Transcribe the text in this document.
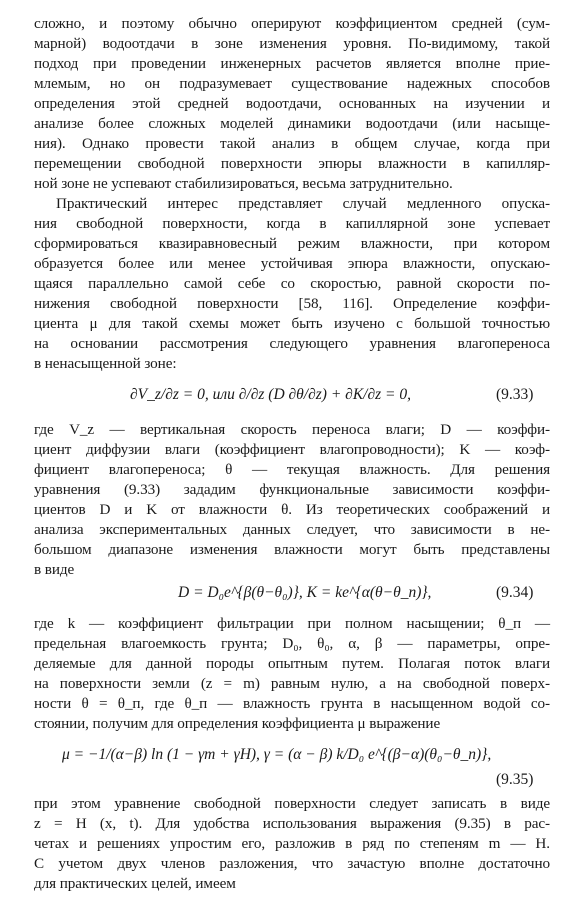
сложно, и поэтому обычно оперируют коэффициентом средней (сум-
марной) водоотдачи в зоне изменения уровня. По-видимому, такой
подход при проведении инженерных расчетов является вполне прие-
млемым, но он подразумевает существование надежных способов
определения этой средней водоотдачи, основанных на изучении и
анализе более сложных моделей динамики водоотдачи (или насыще-
ния). Однако провести такой анализ в общем случае, когда при
перемещении свободной поверхности эпюры влажности в капилляр-
ной зоне не успевают стабилизироваться, весьма затруднительно.
Практический интерес представляет случай медленного опуска-
ния свободной поверхности, когда в капиллярной зоне успевает
сформироваться квазиравновесный режим влажности, при котором
образуется более или менее устойчивая эпюра влажности, опускаю-
щаяся параллельно самой себе со скоростью, равной скорости по-
нижения свободной поверхности [58, 116]. Определение коэффи-
циента μ для такой схемы может быть изучено с большой точностью
на основании рассмотрения следующего уравнения влагопереноса
в ненасыщенной зоне:
∂V_z/∂z = 0, или ∂/∂z (D ∂θ/∂z) + ∂K/∂z = 0,	(9.33)
где V_z — вертикальная скорость переноса влаги; D — коэффи-
циент диффузии влаги (коэффициент влагопроводности); K — коэф-
фициент влагопереноса; θ — текущая влажность. Для решения
уравнения (9.33) зададим функциональные зависимости коэффи-
циентов D и K от влажности θ. Из теоретических соображений и
анализа экспериментальных данных следует, что зависимости в не-
большом диапазоне изменения влажности могут быть представлены
в виде
D = D₀e^{β(θ−θ₀)}, K = ke^{α(θ−θ_п)},	(9.34)
где k — коэффициент фильтрации при полном насыщении; θ_п —
предельная влагоемкость грунта; D₀, θ₀, α, β — параметры, опре-
деляемые для данной породы опытным путем. Полагая поток влаги
на поверхности земли (z = m) равным нулю, а на свободной поверх-
ности θ = θ_п, где θ_п — влажность грунта в насыщенном водой со-
стоянии, получим для определения коэффициента μ выражение
μ = −1/(α−β) ln (1 − γm + γH), γ = (α − β) k/D₀ e^{(β−α)(θ₀−θ_п)},
(9.35)
при этом уравнение свободной поверхности следует записать в виде
z = H (x, t). Для удобства использования выражения (9.35) в рас-
четах и решениях упростим его, разложив в ряд по степеням m — H.
С учетом двух членов разложения, что зачастую вполне достаточно
для практических целей, имеем
